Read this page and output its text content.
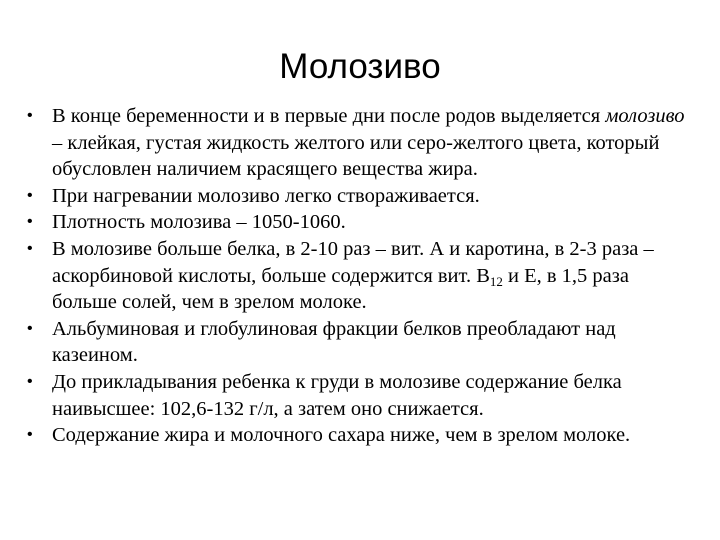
Молозиво
• В конце беременности и в первые дни после родов выделяется молозиво – клейкая, густая жидкость желтого или серо-желтого цвета, который обусловлен наличием красящего вещества жира.
• При нагревании молозиво легко створаживается.
• Плотность молозива – 1050-1060.
• В молозиве больше белка, в 2-10 раз – вит. А и каротина, в 2-3 раза – аскорбиновой кислоты, больше содержится вит. $В_{12}$ и Е, в 1,5 раза больше солей, чем в зрелом молоке.
• Альбуминовая и глобулиновая фракции белков преобладают над казеином.
• До прикладывания ребенка к груди в молозиве содержание белка наивысшее: 102,6-132 г/л, а затем оно снижается.
• Содержание жира и молочного сахара ниже, чем в зрелом молоке.
